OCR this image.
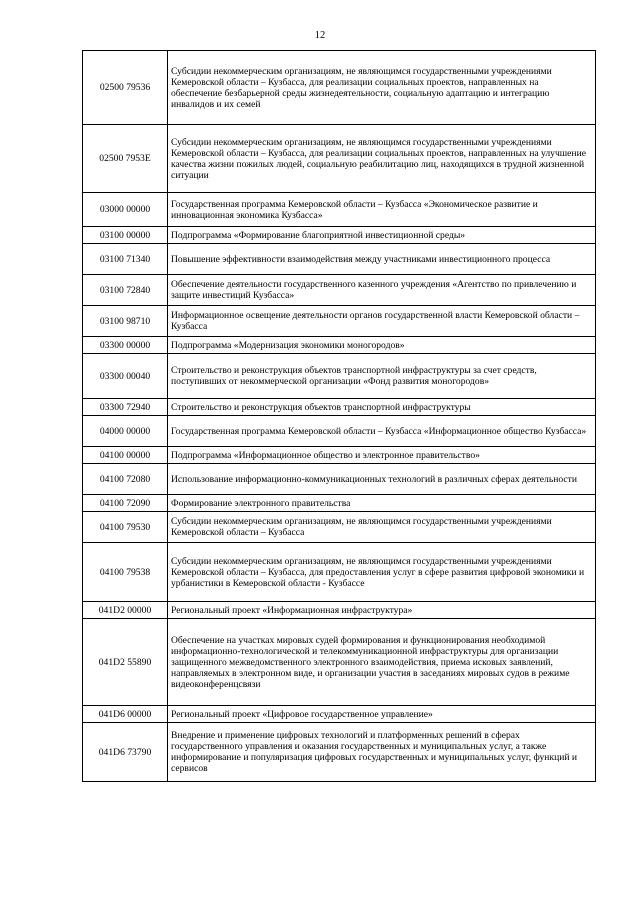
12
02500 79536	Субсидии некоммерческим организациям, не являющимся государственными учреждениями Кемеровской области – Кузбасса, для реализации социальных проектов, направленных на обеспечение безбарьерной среды жизнедеятельности, социальную адаптацию и интеграцию инвалидов и их семей
02500 7953Е	Субсидии некоммерческим организациям, не являющимся государственными учреждениями Кемеровской области – Кузбасса, для реализации социальных проектов, направленных на улучшение качества жизни пожилых людей, социальную реабилитацию лиц, находящихся в трудной жизненной ситуации
03000 00000	Государственная программа Кемеровской области – Кузбасса «Экономическое развитие и инновационная экономика Кузбасса»
03100 00000	Подпрограмма «Формирование благоприятной инвестиционной среды»
03100 71340	Повышение эффективности взаимодействия между участниками инвестиционного процесса
03100 72840	Обеспечение деятельности государственного казенного учреждения «Агентство по привлечению и защите инвестиций Кузбасса»
03100 98710	Информационное освещение деятельности органов государственной власти Кемеровской области – Кузбасса
03300 00000	Подпрограмма «Модернизация экономики моногородов»
03300 00040	Строительство и реконструкция объектов транспортной инфраструктуры за счет средств, поступивших от некоммерческой организации «Фонд развития моногородов»
03300 72940	Строительство и реконструкция объектов транспортной инфраструктуры
04000 00000	Государственная программа Кемеровской области – Кузбасса «Информационное общество Кузбасса»
04100 00000	Подпрограмма «Информационное общество и электронное правительство»
04100 72080	Использование информационно-коммуникационных технологий в различных сферах деятельности
04100 72090	Формирование электронного правительства
04100 79530	Субсидии некоммерческим организациям, не являющимся государственными учреждениями Кемеровской области – Кузбасса
04100 79538	Субсидии некоммерческим организациям, не являющимся государственными учреждениями Кемеровской области – Кузбасса, для предоставления услуг в сфере развития цифровой экономики и урбанистики в Кемеровской области - Кузбассе
041D2 00000	Региональный проект «Информационная инфраструктура»
041D2 55890	Обеспечение на участках мировых судей формирования и функционирования необходимой информационно-технологической и телекоммуникационной инфраструктуры для организации защищенного межведомственного электронного взаимодействия, приема исковых заявлений, направляемых в электронном виде, и организации участия в заседаниях мировых судов в режиме видеоконференцсвязи
041D6 00000	Региональный проект «Цифровое государственное управление»
041D6 73790	Внедрение и применение цифровых технологий и платформенных решений в сферах государственного управления и оказания государственных и муниципальных услуг, а также информирование и популяризация цифровых государственных и муниципальных услуг, функций и сервисов
